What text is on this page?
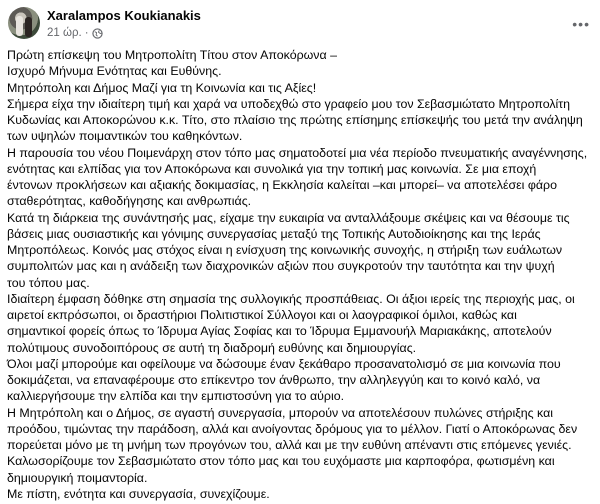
Xaralampos Koukianakis
21 ώρ. ·
•••
Πρώτη επίσκεψη του Μητροπολίτη Τίτου στον Αποκόρωνα –
Ισχυρό Μήνυμα Ενότητας και Ευθύνης.
Μητρόπολη και Δήμος Μαζί για τη Κοινωνία και τις Αξίες!
Σήμερα είχα την ιδιαίτερη τιμή και χαρά να υποδεχθώ στο γραφείο μου τον Σεβασμιώτατο Μητροπολίτη
Κυδωνίας και Αποκορώνου κ.κ. Τίτο, στο πλαίσιο της πρώτης επίσημης επίσκεψής του μετά την ανάληψη
των υψηλών ποιμαντικών του καθηκόντων.
Η παρουσία του νέου Ποιμενάρχη στον τόπο μας σηματοδοτεί μια νέα περίοδο πνευματικής αναγέννησης,
ενότητας και ελπίδας για τον Αποκόρωνα και συνολικά για την τοπική μας κοινωνία. Σε μια εποχή
έντονων προκλήσεων και αξιακής δοκιμασίας, η Εκκλησία καλείται –και μπορεί– να αποτελέσει φάρο
σταθερότητας, καθοδήγησης και ανθρωπιάς.
Κατά τη διάρκεια της συνάντησής μας, είχαμε την ευκαιρία να ανταλλάξουμε σκέψεις και να θέσουμε τις
βάσεις μιας ουσιαστικής και γόνιμης συνεργασίας μεταξύ της Τοπικής Αυτοδιοίκησης και της Ιεράς
Μητροπόλεως. Κοινός μας στόχος είναι η ενίσχυση της κοινωνικής συνοχής, η στήριξη των ευάλωτων
συμπολιτών μας και η ανάδειξη των διαχρονικών αξιών που συγκροτούν την ταυτότητα και την ψυχή
του τόπου μας.
Ιδιαίτερη έμφαση δόθηκε στη σημασία της συλλογικής προσπάθειας. Οι άξιοι ιερείς της περιοχής μας, οι
αιρετοί εκπρόσωποι, οι δραστήριοι Πολιτιστικοί Σύλλογοι και οι λαογραφικοί όμιλοι, καθώς και
σημαντικοί φορείς όπως το Ίδρυμα Αγίας Σοφίας και το Ίδρυμα Εμμανουήλ Μαριακάκης, αποτελούν
πολύτιμους συνοδοιπόρους σε αυτή τη διαδρομή ευθύνης και δημιουργίας.
Όλοι μαζί μπορούμε και οφείλουμε να δώσουμε έναν ξεκάθαρο προσανατολισμό σε μια κοινωνία που
δοκιμάζεται, να επαναφέρουμε στο επίκεντρο τον άνθρωπο, την αλληλεγγύη και το κοινό καλό, να
καλλιεργήσουμε την ελπίδα και την εμπιστοσύνη για το αύριο.
Η Μητρόπολη και ο Δήμος, σε αγαστή συνεργασία, μπορούν να αποτελέσουν πυλώνες στήριξης και
προόδου, τιμώντας την παράδοση, αλλά και ανοίγοντας δρόμους για το μέλλον. Γιατί ο Αποκόρωνας δεν
πορεύεται μόνο με τη μνήμη των προγόνων του, αλλά και με την ευθύνη απέναντι στις επόμενες γενιές.
Καλωσορίζουμε τον Σεβασμιώτατο στον τόπο μας και του ευχόμαστε μια καρποφόρα, φωτισμένη και
δημιουργική ποιμαντορία.
Με πίστη, ενότητα και συνεργασία, συνεχίζουμε.
